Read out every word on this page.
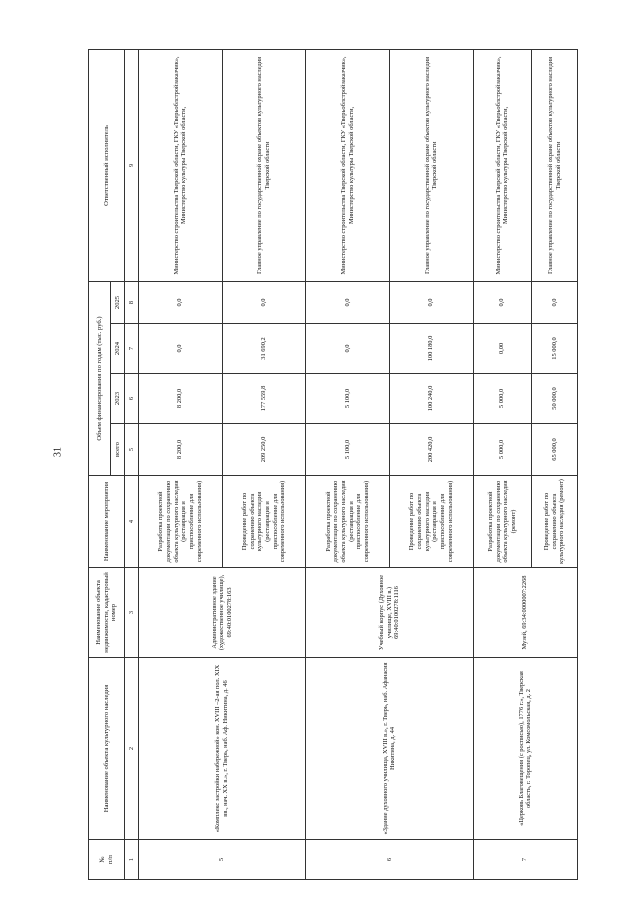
31
№
п/п	Наименование объекта культурного наследия	Наименование объекта недвижимости, кадастровый номер	Наименование мероприятия	Объем финансирования по годам (тыс. руб.)				Ответственный исполнитель
				всего	2023	2024	2025	
1	2	3	4	5	6	7	8	9
5	«Комплекс застройки набережной» кон. XVIII –2-ая пол. XIX вв., нач. XX в.», г. Тверь, наб. Аф. Никитина, д. 46	Административное здание (художественное училище), 69:40:0100278:163	Разработка проектной документации по сохранению объекта культурного наследия (реставрация и приспособление для современного использования)	8 200,0	8 200,0	0,0	0,0	Министерство строительства Тверской области, ГКУ «Тверьоблстройзаказчик», Министерство культуры Тверской области,
			Проведение работ по сохранению объекта культурного наследия (реставрация и приспособление для современного использования)	209 250,0	177 559,8	31 690,2	0,0	Главное управление по государственной охране объектов культурного наследия Тверской области
6	«Здание духовного училища, XVIII в.», г. Тверь, наб. Афанасия Никитина, д. 44	Учебный корпус (Духовное училище, XVIII в.) 69:40:0100278:1116	Разработка проектной документации по сохранению объекта культурного наследия (реставрация и приспособление для современного использования)	5 100,0	5 100,0	0,0	0,0	Министерство строительства Тверской области, ГКУ «Тверьоблстройзаказчик», Министерство культуры Тверской области,
			Проведение работ по сохранению объекта культурного наследия (реставрация и приспособление для современного использования)	200 420,0	100 240,0	100 180,0	0,0	Главное управление по государственной охране объектов культурного наследия Тверской области
7	«Церковь Благовещения (с росписью), 1776 г.», Тверская область, г. Торопец, ул. Комсомольская, д. 2	Музей, 69:34:0000007:2268	Разработка проектной документации по сохранению объекта культурного наследия (ремонт)	5 000,0	5 000,0	0,00	0,0	Министерство строительства Тверской области, ГКУ «Тверьоблстройзаказчик», Министерство культуры Тверской области,
			Проведение работ по сохранению объекта культурного наследия (ремонт)	65 000,0	50 000,0	15 000,0	0,0	Главное управление по государственной охране объектов культурного наследия Тверской области
